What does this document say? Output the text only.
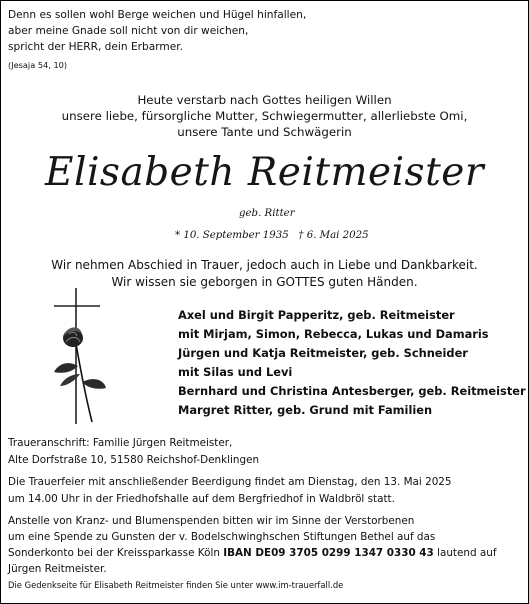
Denn es sollen wohl Berge weichen und Hügel hinfallen,
aber meine Gnade soll nicht von dir weichen,
spricht der HERR, dein Erbarmer.
(Jesaja 54, 10)
Heute verstarb nach Gottes heiligen Willen
unsere liebe, fürsorgliche Mutter, Schwiegermutter, allerliebste Omi,
unsere Tante und Schwägerin
Elisabeth Reitmeister
geb. Ritter
* 10. September 1935   † 6. Mai 2025
Wir nehmen Abschied in Trauer, jedoch auch in Liebe und Dankbarkeit.
Wir wissen sie geborgen in GOTTES guten Händen.
Axel und Birgit Papperitz, geb. Reitmeister
mit Mirjam, Simon, Rebecca, Lukas und Damaris
Jürgen und Katja Reitmeister, geb. Schneider
mit Silas und Levi
Bernhard und Christina Antesberger, geb. Reitmeister
Margret Ritter, geb. Grund mit Familien
Traueranschrift: Familie Jürgen Reitmeister,
Alte Dorfstraße 10, 51580 Reichshof-Denklingen
Die Trauerfeier mit anschließender Beerdigung findet am Dienstag, den 13. Mai 2025
um 14.00 Uhr in der Friedhofshalle auf dem Bergfriedhof in Waldbröl statt.
Anstelle von Kranz- und Blumenspenden bitten wir im Sinne der Verstorbenen
um eine Spende zu Gunsten der v. Bodelschwinghschen Stiftungen Bethel auf das
Sonderkonto bei der Kreissparkasse Köln IBAN DE09 3705 0299 1347 0330 43 lautend auf
Jürgen Reitmeister.
Die Gedenkseite für Elisabeth Reitmeister finden Sie unter www.im-trauerfall.de
